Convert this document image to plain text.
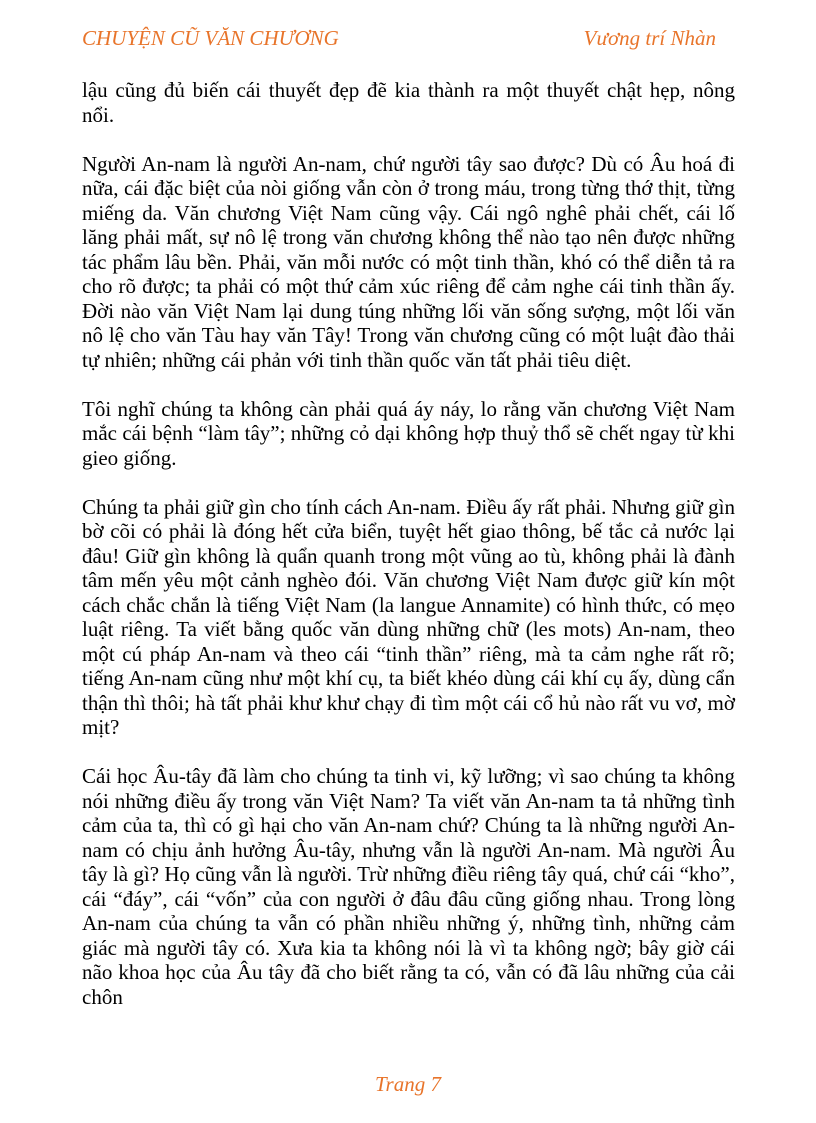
CHUYỆN CŨ VĂN CHƯƠNG	Vương trí Nhàn

lậu cũng đủ biến cái thuyết đẹp đẽ kia thành ra một thuyết chật hẹp, nông nổi.

Người An-nam là người An-nam, chứ người tây sao được? Dù có Âu hoá đi nữa, cái đặc biệt của nòi giống vẫn còn ở trong máu, trong từng thớ thịt, từng miếng da. Văn chương Việt Nam cũng vậy. Cái ngô nghê phải chết, cái lố lăng phải mất, sự nô lệ trong văn chương không thể nào tạo nên được những tác phẩm lâu bền. Phải, văn mỗi nước có một tinh thần, khó có thể diễn tả ra cho rõ được; ta phải có một thứ cảm xúc riêng để cảm nghe cái tinh thần ấy. Đời nào văn Việt Nam lại dung túng những lối văn sống sượng, một lối văn nô lệ cho văn Tàu hay văn Tây! Trong văn chương cũng có một luật đào thải tự nhiên; những cái phản với tinh thần quốc văn tất phải tiêu diệt.

Tôi nghĩ chúng ta không càn phải quá áy náy, lo rằng văn chương Việt Nam mắc cái bệnh “làm tây”; những cỏ dại không hợp thuỷ thổ sẽ chết ngay từ khi gieo giống.

Chúng ta phải giữ gìn cho tính cách An-nam. Điều ấy rất phải. Nhưng giữ gìn bờ cõi có phải là đóng hết cửa biển, tuyệt hết giao thông, bế tắc cả nước lại đâu! Giữ gìn không là quẩn quanh trong một vũng ao tù, không phải là đành tâm mến yêu một cảnh nghèo đói. Văn chương Việt Nam được giữ kín một cách chắc chắn là tiếng Việt Nam (la langue Annamite) có hình thức, có mẹo luật riêng. Ta viết bằng quốc văn dùng những chữ (les mots) An-nam, theo một cú pháp An-nam và theo cái “tinh thần” riêng, mà ta cảm nghe rất rõ; tiếng An-nam cũng như một khí cụ, ta biết khéo dùng cái khí cụ ấy, dùng cẩn thận thì thôi; hà tất phải khư khư chạy đi tìm một cái cổ hủ nào rất vu vơ, mờ mịt?

Cái học Âu-tây đã làm cho chúng ta tinh vi, kỹ lưỡng; vì sao chúng ta không nói những điều ấy trong văn Việt Nam? Ta viết văn An-nam ta tả những tình cảm của ta, thì có gì hại cho văn An-nam chứ? Chúng ta là những người An-nam có chịu ảnh hưởng Âu-tây, nhưng vẫn là người An-nam. Mà người Âu tây là gì? Họ cũng vẫn là người. Trừ những điều riêng tây quá, chứ cái “kho”, cái “đáy”, cái “vốn” của con người ở đâu đâu cũng giống nhau. Trong lòng An-nam của chúng ta vẫn có phần nhiều những ý, những tình, những cảm giác mà người tây có. Xưa kia ta không nói là vì ta không ngờ; bây giờ cái não khoa học của Âu tây đã cho biết rằng ta có, vẫn có đã lâu những của cải chôn

Trang 7
